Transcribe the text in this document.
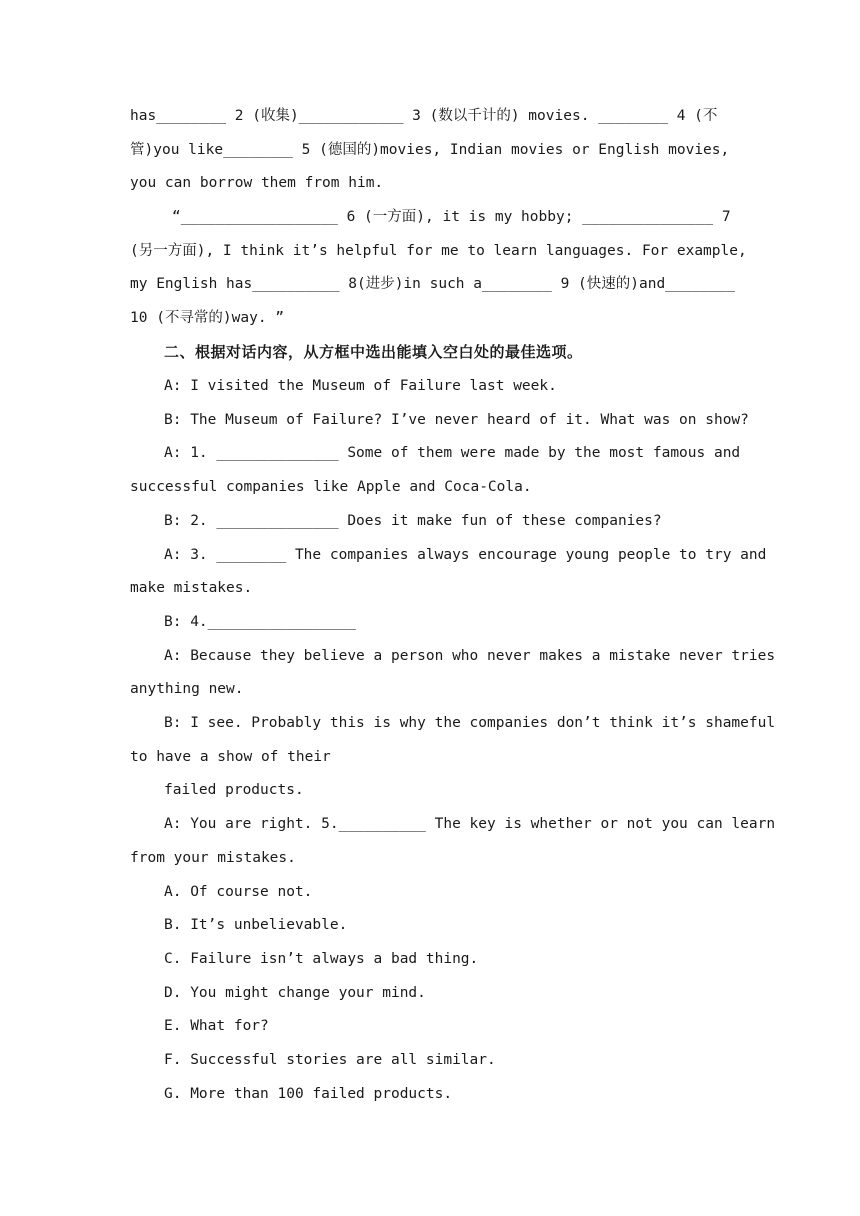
has________ 2 (收集)____________ 3 (数以千计的) movies. ________ 4 (不
管)you like________ 5 (德国的)movies, Indian movies or English movies,
you can borrow them from him.
“__________________ 6 (一方面), it is my hobby; _______________ 7
(另一方面), I think it’s helpful for me to learn languages. For example,
my English has__________ 8(进步)in such a________ 9 (快速的)and________
10 (不寻常的)way. ”
二、根据对话内容，从方框中选出能填入空白处的最佳选项。
A: I visited the Museum of Failure last week.
B: The Museum of Failure? I’ve never heard of it. What was on show?
A: 1. ______________ Some of them were made by the most famous and
successful companies like Apple and Coca-Cola.
B: 2. ______________ Does it make fun of these companies?
A: 3. ________ The companies always encourage young people to try and
make mistakes.
B: 4._________________
A: Because they believe a person who never makes a mistake never tries
anything new.
B: I see. Probably this is why the companies don’t think it’s shameful
to have a show of their
failed products.
A: You are right. 5.__________ The key is whether or not you can learn
from your mistakes.
A. Of course not.
B. It’s unbelievable.
C. Failure isn’t always a bad thing.
D. You might change your mind.
E. What for?
F. Successful stories are all similar.
G. More than 100 failed products.
